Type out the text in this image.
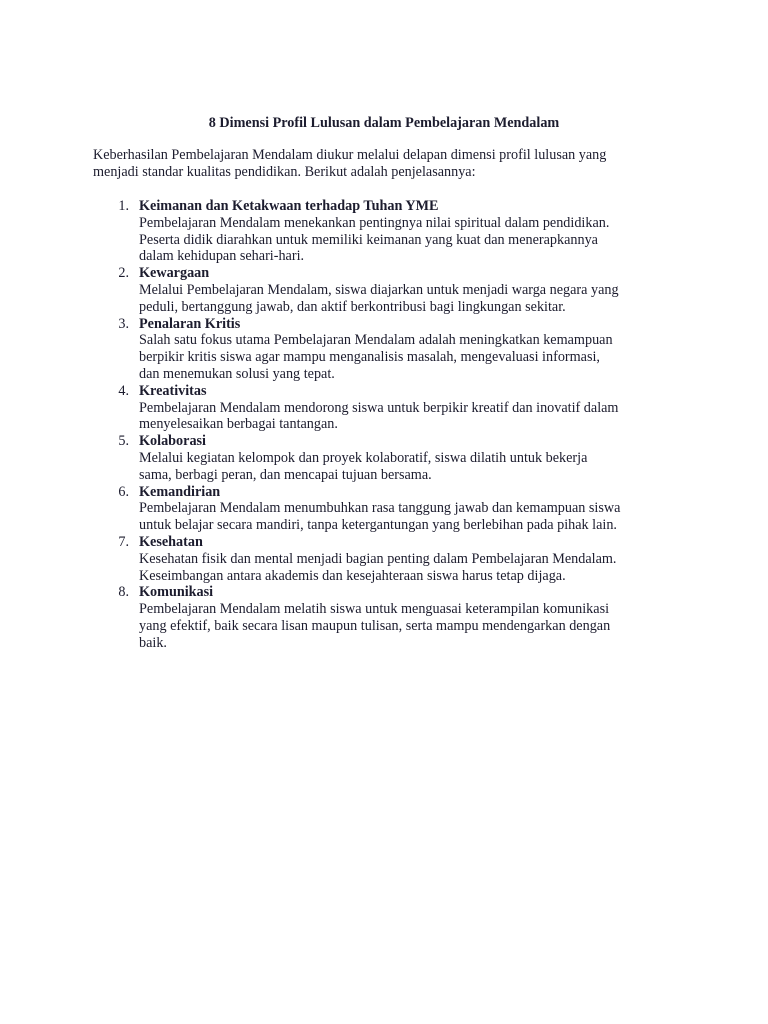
8 Dimensi Profil Lulusan dalam Pembelajaran Mendalam

Keberhasilan Pembelajaran Mendalam diukur melalui delapan dimensi profil lulusan yang
menjadi standar kualitas pendidikan. Berikut adalah penjelasannya:

1. Keimanan dan Ketakwaan terhadap Tuhan YME
Pembelajaran Mendalam menekankan pentingnya nilai spiritual dalam pendidikan.
Peserta didik diarahkan untuk memiliki keimanan yang kuat dan menerapkannya
dalam kehidupan sehari-hari.
2. Kewargaan
Melalui Pembelajaran Mendalam, siswa diajarkan untuk menjadi warga negara yang
peduli, bertanggung jawab, dan aktif berkontribusi bagi lingkungan sekitar.
3. Penalaran Kritis
Salah satu fokus utama Pembelajaran Mendalam adalah meningkatkan kemampuan
berpikir kritis siswa agar mampu menganalisis masalah, mengevaluasi informasi,
dan menemukan solusi yang tepat.
4. Kreativitas
Pembelajaran Mendalam mendorong siswa untuk berpikir kreatif dan inovatif dalam
menyelesaikan berbagai tantangan.
5. Kolaborasi
Melalui kegiatan kelompok dan proyek kolaboratif, siswa dilatih untuk bekerja
sama, berbagi peran, dan mencapai tujuan bersama.
6. Kemandirian
Pembelajaran Mendalam menumbuhkan rasa tanggung jawab dan kemampuan siswa
untuk belajar secara mandiri, tanpa ketergantungan yang berlebihan pada pihak lain.
7. Kesehatan
Kesehatan fisik dan mental menjadi bagian penting dalam Pembelajaran Mendalam.
Keseimbangan antara akademis dan kesejahteraan siswa harus tetap dijaga.
8. Komunikasi
Pembelajaran Mendalam melatih siswa untuk menguasai keterampilan komunikasi
yang efektif, baik secara lisan maupun tulisan, serta mampu mendengarkan dengan
baik.
